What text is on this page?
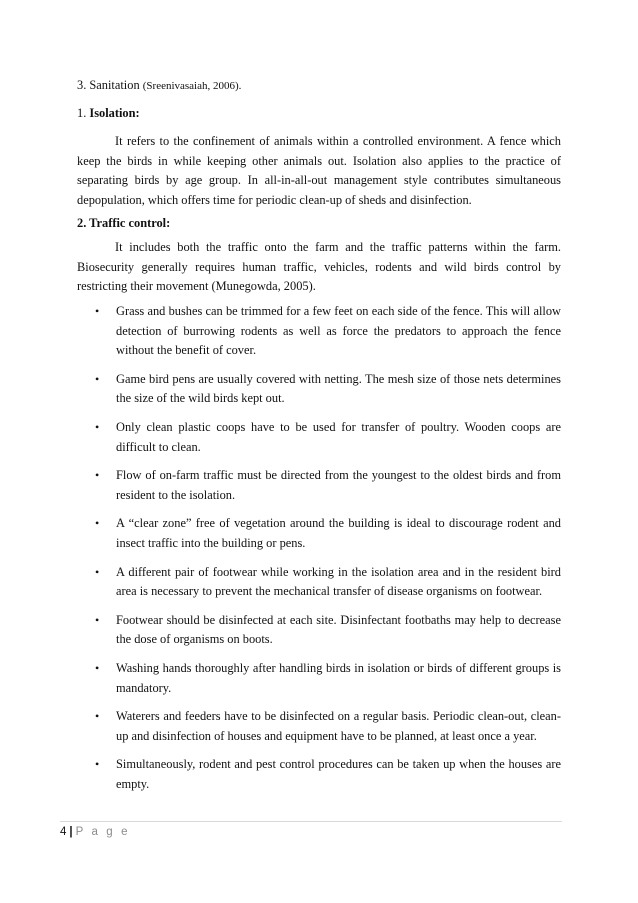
3. Sanitation (Sreenivasaiah, 2006).

1. Isolation:

It refers to the confinement of animals within a controlled environment. A fence which keep the birds in while keeping other animals out. Isolation also applies to the practice of separating birds by age group. In all-in-all-out management style contributes simultaneous depopulation, which offers time for periodic clean-up of sheds and disinfection.

2. Traffic control:

It includes both the traffic onto the farm and the traffic patterns within the farm. Biosecurity generally requires human traffic, vehicles, rodents and wild birds control by restricting their movement (Munegowda, 2005).

• Grass and bushes can be trimmed for a few feet on each side of the fence. This will allow detection of burrowing rodents as well as force the predators to approach the fence without the benefit of cover.
• Game bird pens are usually covered with netting. The mesh size of those nets determines the size of the wild birds kept out.
• Only clean plastic coops have to be used for transfer of poultry. Wooden coops are difficult to clean.
• Flow of on-farm traffic must be directed from the youngest to the oldest birds and from resident to the isolation.
• A “clear zone” free of vegetation around the building is ideal to discourage rodent and insect traffic into the building or pens.
• A different pair of footwear while working in the isolation area and in the resident bird area is necessary to prevent the mechanical transfer of disease organisms on footwear.
• Footwear should be disinfected at each site. Disinfectant footbaths may help to decrease the dose of organisms on boots.
• Washing hands thoroughly after handling birds in isolation or birds of different groups is mandatory.
• Waterers and feeders have to be disinfected on a regular basis. Periodic clean-out, clean-up and disinfection of houses and equipment have to be planned, at least once a year.
• Simultaneously, rodent and pest control procedures can be taken up when the houses are empty.
4 | P a g e
